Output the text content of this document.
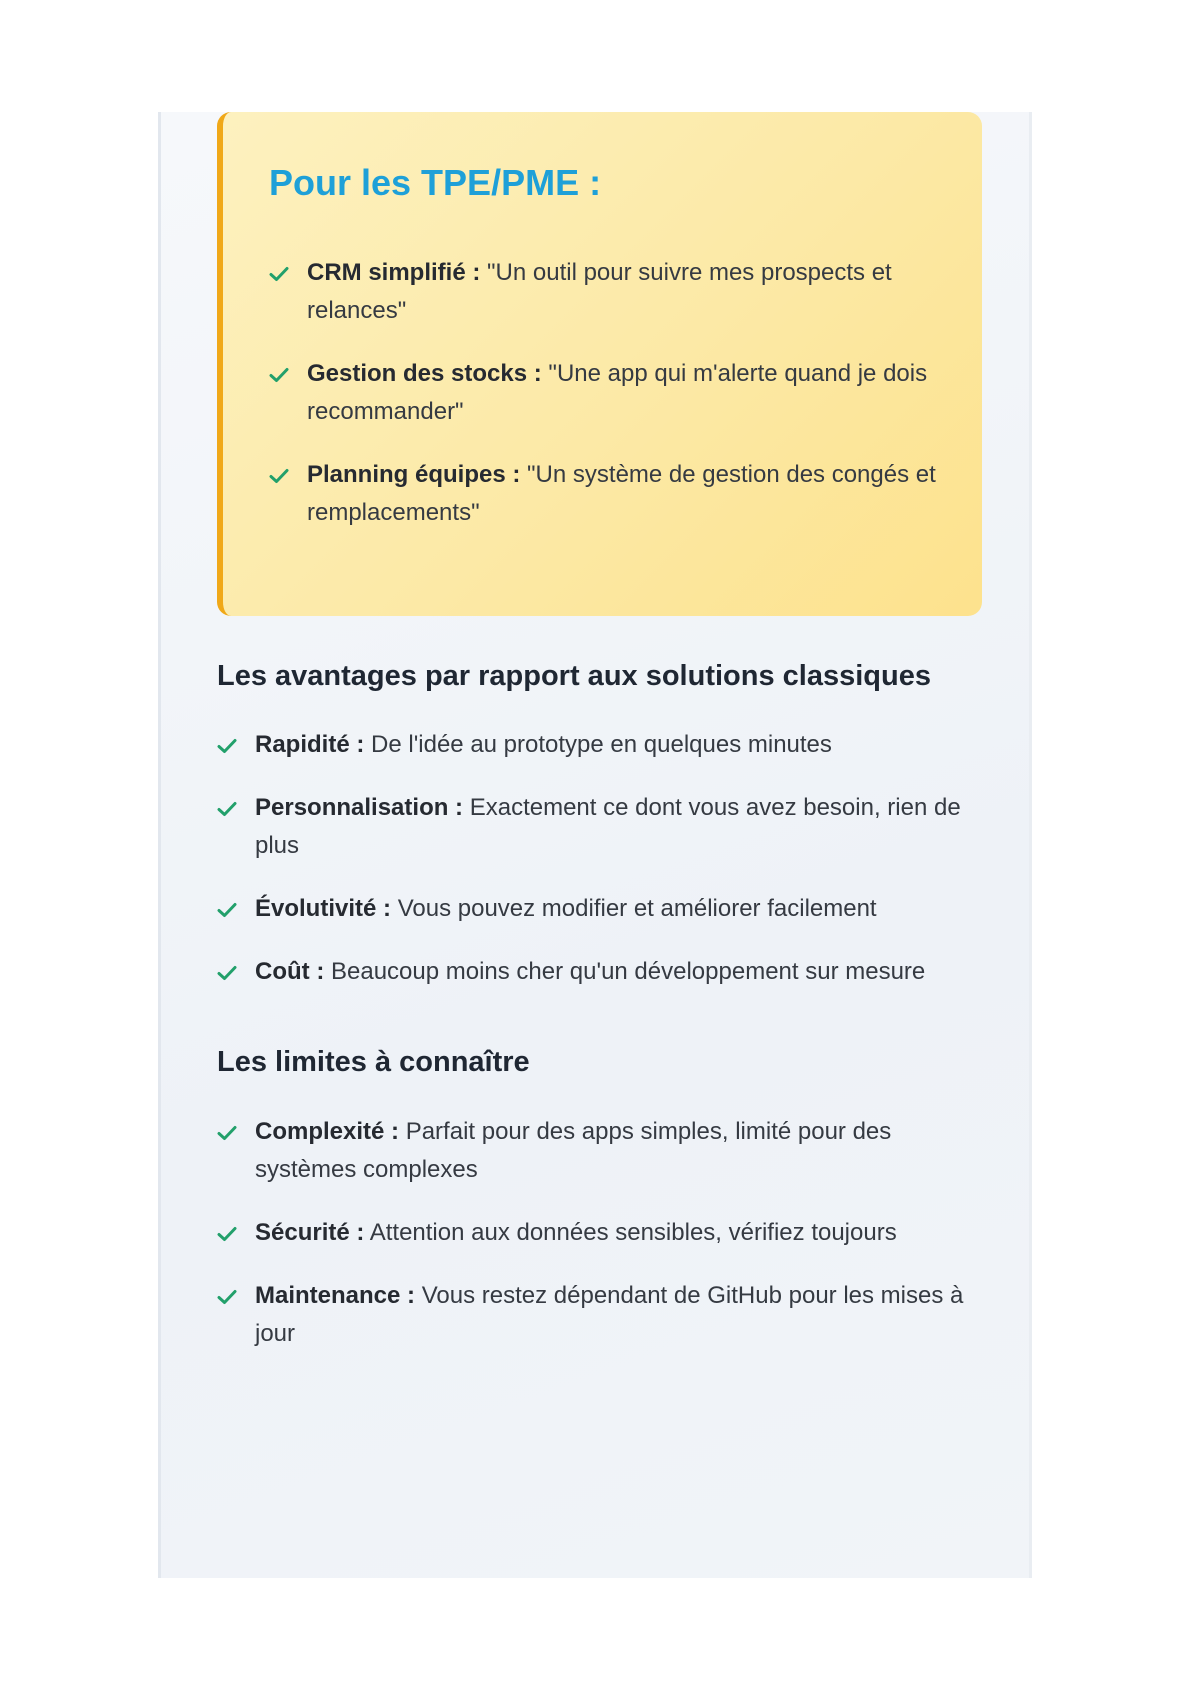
Pour les TPE/PME :
CRM simplifié : "Un outil pour suivre mes prospects et relances"
Gestion des stocks : "Une app qui m'alerte quand je dois recommander"
Planning équipes : "Un système de gestion des congés et remplacements"
Les avantages par rapport aux solutions classiques
Rapidité : De l'idée au prototype en quelques minutes
Personnalisation : Exactement ce dont vous avez besoin, rien de plus
Évolutivité : Vous pouvez modifier et améliorer facilement
Coût : Beaucoup moins cher qu'un développement sur mesure
Les limites à connaître
Complexité : Parfait pour des apps simples, limité pour des systèmes complexes
Sécurité : Attention aux données sensibles, vérifiez toujours
Maintenance : Vous restez dépendant de GitHub pour les mises à jour
